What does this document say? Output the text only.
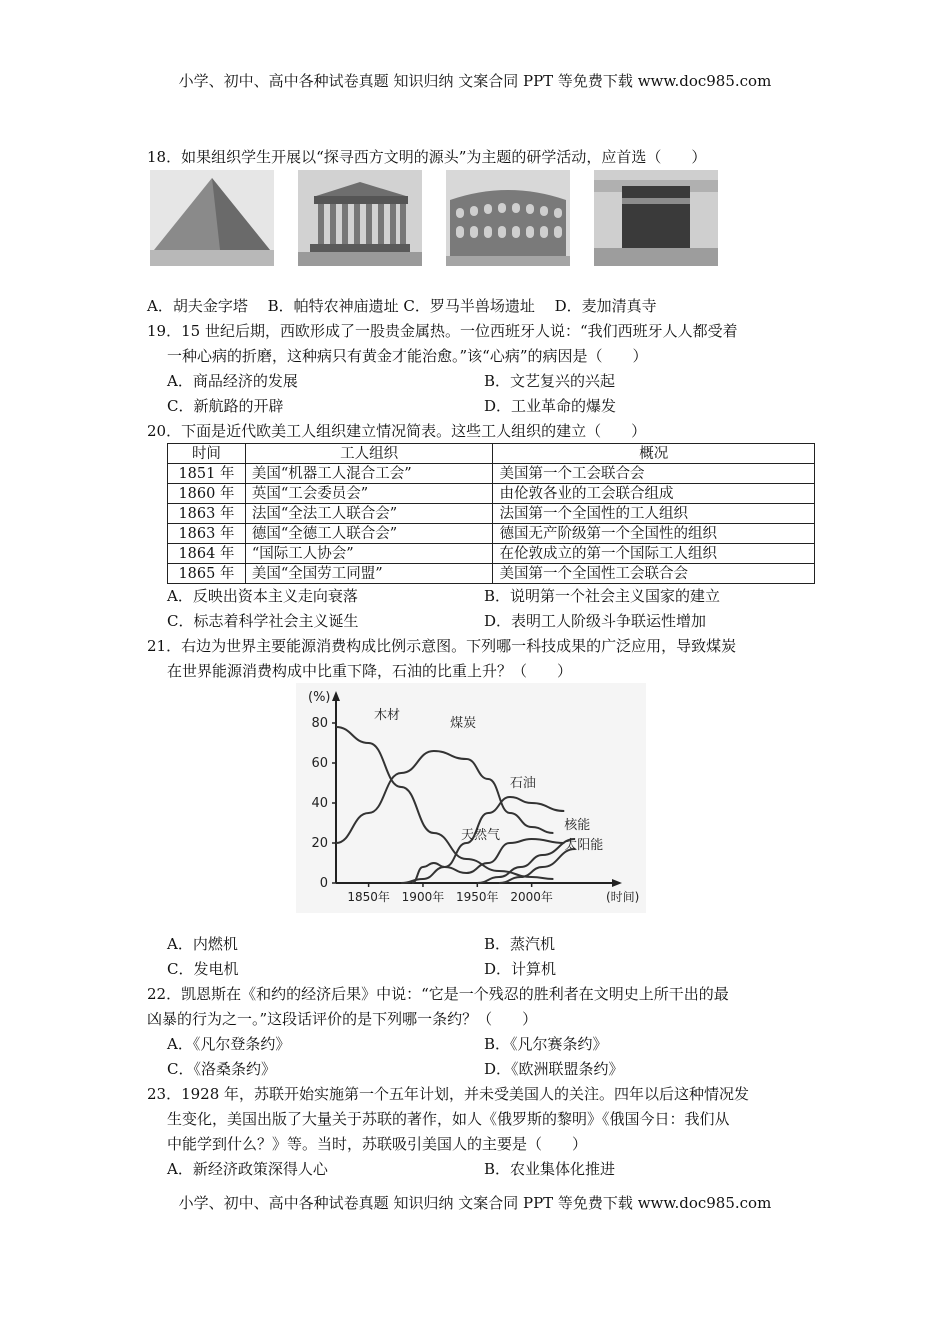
小学、初中、高中各种试卷真题 知识归纳 文案合同 PPT 等免费下载 www.doc985.com
18．如果组织学生开展以“探寻西方文明的源头”为主题的研学活动，应首选（　　）
A．胡夫金字塔　 B．帕特农神庙遗址 C．罗马半兽场遗址　 D．麦加清真寺
19．15 世纪后期，西欧形成了一股贵金属热。一位西班牙人说：“我们西班牙人人都受着
一种心病的折磨，这种病只有黄金才能治愈。”该“心病”的病因是（　　）
A．商品经济的发展	B．文艺复兴的兴起
C．新航路的开辟	D．工业革命的爆发
20．下面是近代欧美工人组织建立情况简表。这些工人组织的建立（　　）
时间	工人组织	概况
1851 年	美国“机器工人混合工会”	美国第一个工会联合会
1860 年	英国“工会委员会”	由伦敦各业的工会联合组成
1863 年	法国“全法工人联合会”	法国第一个全国性的工人组织
1863 年	德国“全德工人联合会”	德国无产阶级第一个全国性的组织
1864 年	“国际工人协会”	在伦敦成立的第一个国际工人组织
1865 年	美国“全国劳工同盟”	美国第一个全国性工会联合会
A．反映出资本主义走向衰落	B．说明第一个社会主义国家的建立
C．标志着科学社会主义诞生	D．表明工人阶级斗争联运性增加
21．右边为世界主要能源消费构成比例示意图。下列哪一科技成果的广泛应用，导致煤炭
在世界能源消费构成中比重下降，石油的比重上升？（　　）
80
60
40
20
0
(%)
1850年 1900年 1950年 2000年	(时间)
木材
煤炭
石油
天然气
核能
太阳能
A．内燃机	B．蒸汽机
C．发电机	D．计算机
22．凯恩斯在《和约的经济后果》中说：“它是一个残忍的胜利者在文明史上所干出的最
凶暴的行为之一。”这段话评价的是下列哪一条约？（　　）
A．《凡尔登条约》	B．《凡尔赛条约》
C．《洛桑条约》	D．《欧洲联盟条约》
23．1928 年，苏联开始实施第一个五年计划，并未受美国人的关注。四年以后这种情况发
生变化，美国出版了大量关于苏联的著作，如人《俄罗斯的黎明》《俄国今日：我们从
中能学到什么？》等。当时，苏联吸引美国人的主要是（　　）
A．新经济政策深得人心	B．农业集体化推进
小学、初中、高中各种试卷真题 知识归纳 文案合同 PPT 等免费下载 www.doc985.com
